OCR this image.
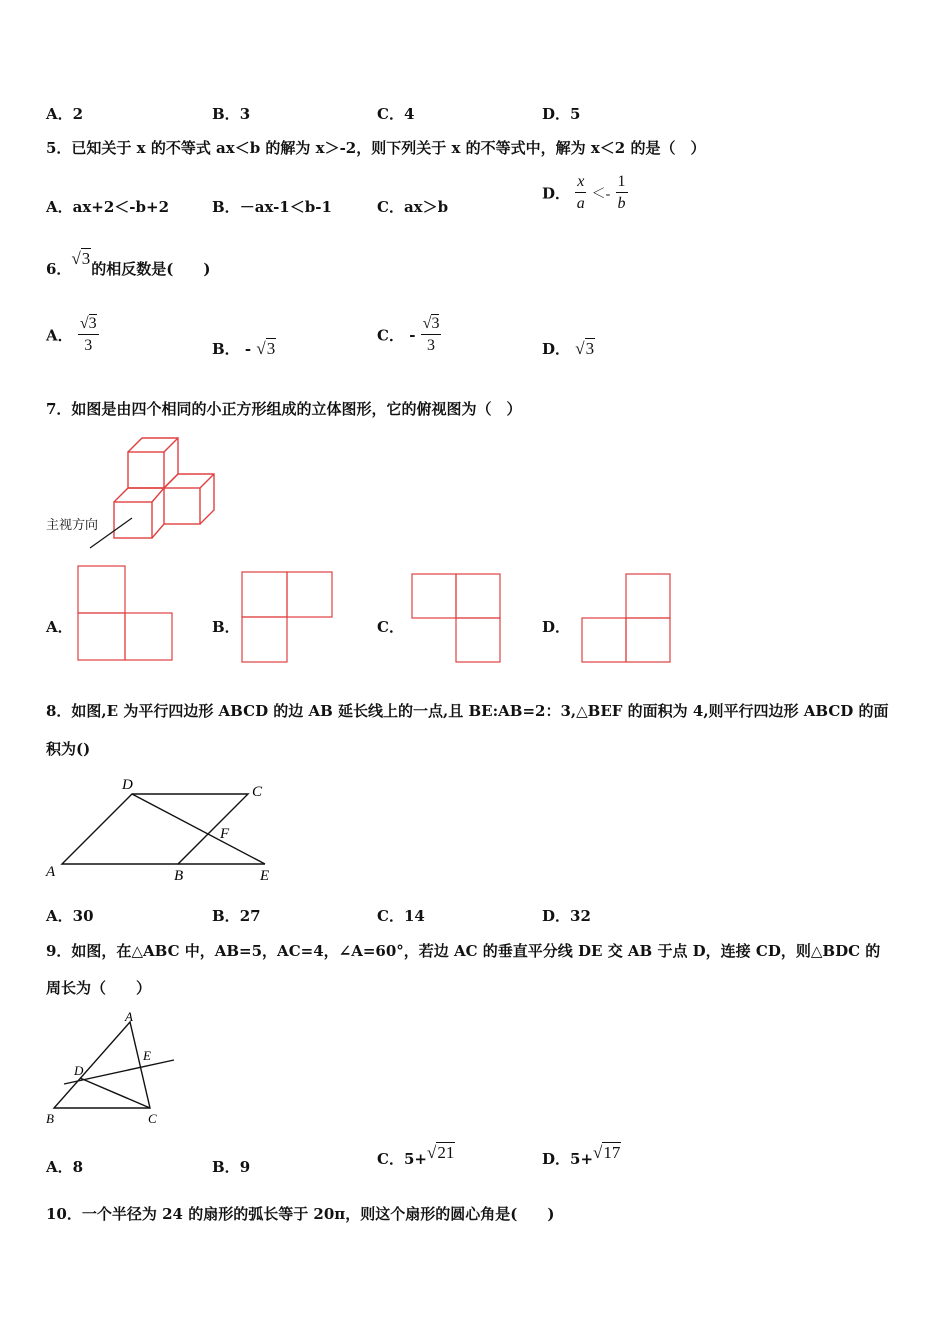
A．2	B．3	C．4	D．5
5．已知关于 x 的不等式 ax＜b 的解为 x＞-2，则下列关于 x 的不等式中，解为 x＜2 的是（　）
A．ax+2＜-b+2	B．－ax-1＜b-1	C．ax＞b
D． $\frac{x}{a} <- \frac{1}{b}$
6．√3的相反数是(　　)
A． $\frac{√3}{3}$	B． - √3
C． - $\frac{√3}{3}$	D． √3
7．如图是由四个相同的小正方形组成的立体图形，它的俯视图为（　）
主视方向
A．	B．	C．	D．
8．如图,E 为平行四边形 ABCD 的边 AB 延长线上的一点,且 BE:AB=2：3,△BEF 的面积为 4,则平行四边形 ABCD 的面
积为()
A	B
C
D
E
F
A．30	B．27	C．14	D．32
9．如图，在△ABC 中，AB=5，AC=4，∠A=60°，若边 AC 的垂直平分线 DE 交 AB 于点 D，连接 CD，则△BDC 的
周长为（　　）
A
B	C
D
E
A．8	B．9	C．5+√21	D．5+√17
10．一个半径为 24 的扇形的弧长等于 20π，则这个扇形的圆心角是(　　)
